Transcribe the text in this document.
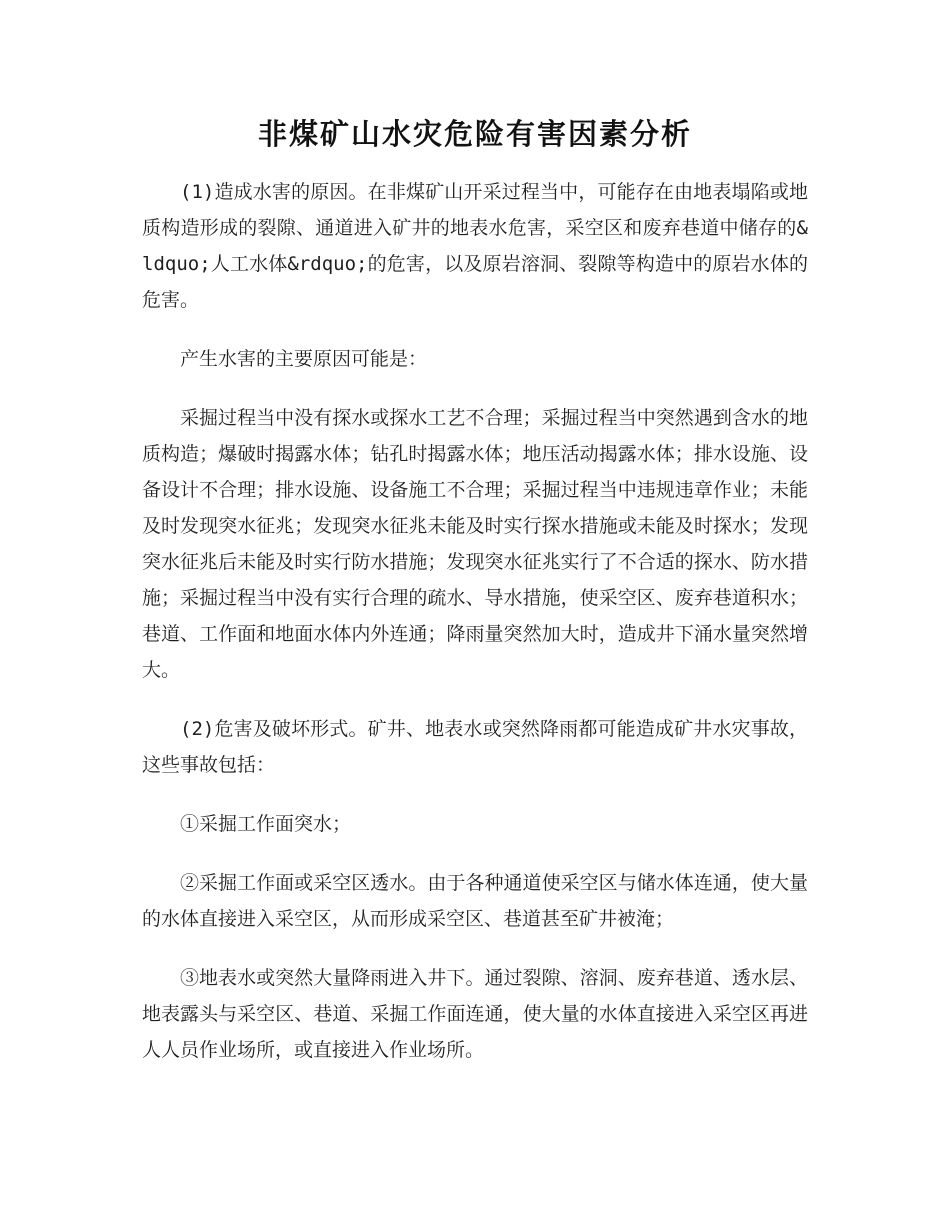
非煤矿山水灾危险有害因素分析

(1)造成水害的原因。在非煤矿山开采过程当中，可能存在由地表塌陷或地质构造形成的裂隙、通道进入矿井的地表水危害，采空区和废弃巷道中储存的&ldquo;人工水体&rdquo;的危害，以及原岩溶洞、裂隙等构造中的原岩水体的危害。

产生水害的主要原因可能是：

采掘过程当中没有探水或探水工艺不合理；采掘过程当中突然遇到含水的地质构造；爆破时揭露水体；钻孔时揭露水体；地压活动揭露水体；排水设施、设备设计不合理；排水设施、设备施工不合理；采掘过程当中违规违章作业；未能及时发现突水征兆；发现突水征兆未能及时实行探水措施或未能及时探水；发现突水征兆后未能及时实行防水措施；发现突水征兆实行了不合适的探水、防水措施；采掘过程当中没有实行合理的疏水、导水措施，使采空区、废弃巷道积水；巷道、工作面和地面水体内外连通；降雨量突然加大时，造成井下涌水量突然增大。

(2)危害及破坏形式。矿井、地表水或突然降雨都可能造成矿井水灾事故，这些事故包括：

①采掘工作面突水；

②采掘工作面或采空区透水。由于各种通道使采空区与储水体连通，使大量的水体直接进入采空区，从而形成采空区、巷道甚至矿井被淹；

③地表水或突然大量降雨进入井下。通过裂隙、溶洞、废弃巷道、透水层、地表露头与采空区、巷道、采掘工作面连通，使大量的水体直接进入采空区再进人人员作业场所，或直接进入作业场所。
